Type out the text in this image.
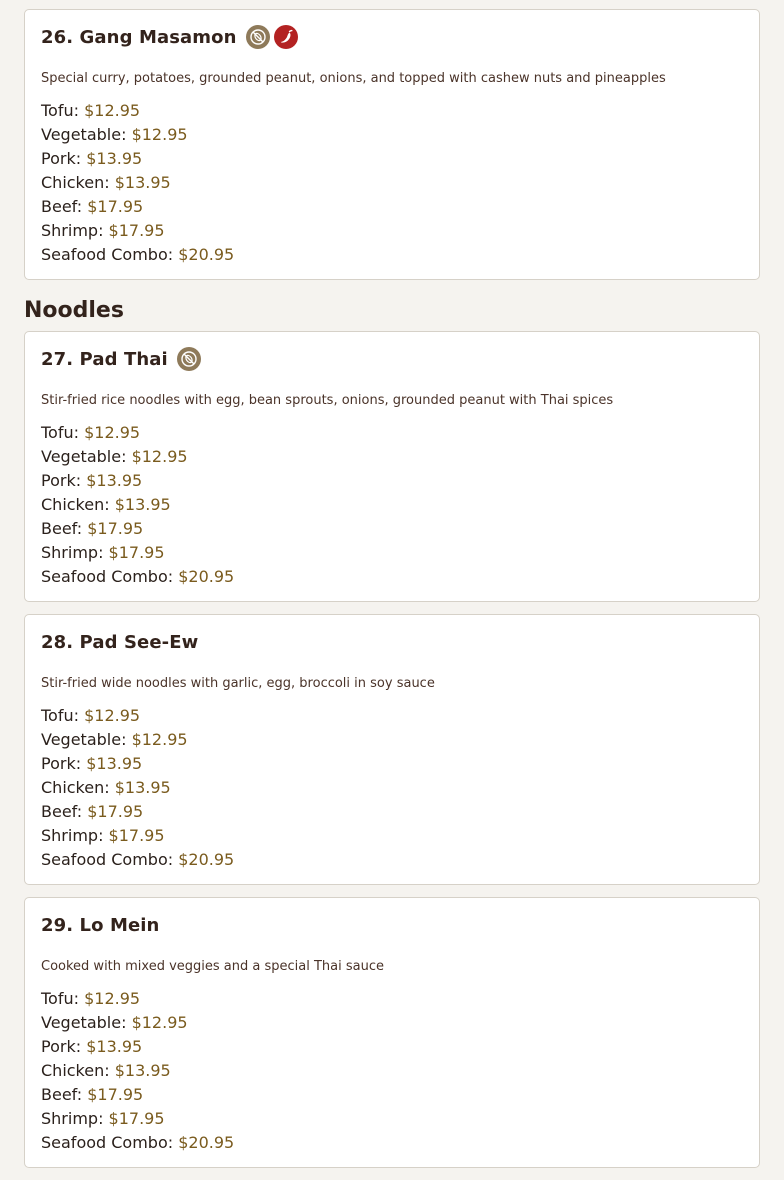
26. Gang Masamon
Special curry, potatoes, grounded peanut, onions, and topped with cashew nuts and pineapples
Tofu: $12.95
Vegetable: $12.95
Pork: $13.95
Chicken: $13.95
Beef: $17.95
Shrimp: $17.95
Seafood Combo: $20.95
Noodles
27. Pad Thai
Stir-fried rice noodles with egg, bean sprouts, onions, grounded peanut with Thai spices
Tofu: $12.95
Vegetable: $12.95
Pork: $13.95
Chicken: $13.95
Beef: $17.95
Shrimp: $17.95
Seafood Combo: $20.95
28. Pad See-Ew
Stir-fried wide noodles with garlic, egg, broccoli in soy sauce
Tofu: $12.95
Vegetable: $12.95
Pork: $13.95
Chicken: $13.95
Beef: $17.95
Shrimp: $17.95
Seafood Combo: $20.95
29. Lo Mein
Cooked with mixed veggies and a special Thai sauce
Tofu: $12.95
Vegetable: $12.95
Pork: $13.95
Chicken: $13.95
Beef: $17.95
Shrimp: $17.95
Seafood Combo: $20.95
